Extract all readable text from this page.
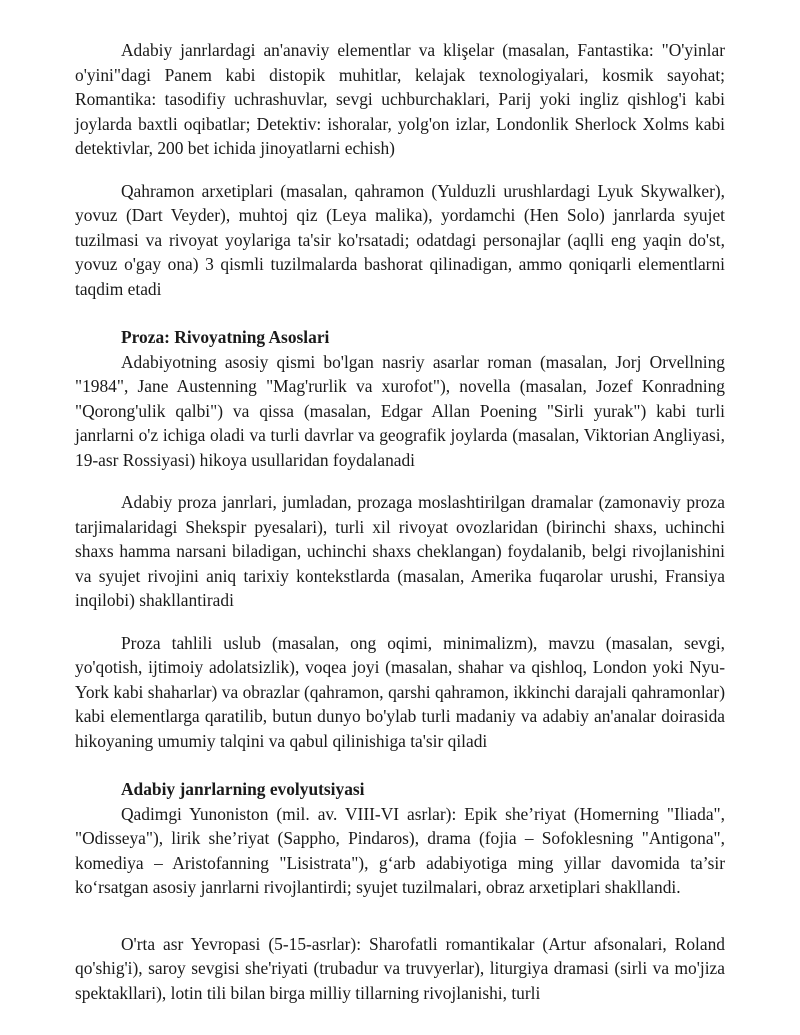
Adabiy janrlardagi an'anaviy elementlar va klişelar (masalan, Fantastika: "O'yinlar o'yini"dagi Panem kabi distopik muhitlar, kelajak texnologiyalari, kosmik sayohat; Romantika: tasodifiy uchrashuvlar, sevgi uchburchaklari, Parij yoki ingliz qishlog'i kabi joylarda baxtli oqibatlar; Detektiv: ishoralar, yolg'on izlar, Londonlik Sherlock Xolms kabi detektivlar, 200 bet ichida jinoyatlarni echish)

Qahramon arxetiplari (masalan, qahramon (Yulduzli urushlardagi Lyuk Skywalker), yovuz (Dart Veyder), muhtoj qiz (Leya malika), yordamchi (Hen Solo) janrlarda syujet tuzilmasi va rivoyat yoylariga ta'sir ko'rsatadi; odatdagi personajlar (aqlli eng yaqin do'st, yovuz o'gay ona) 3 qismli tuzilmalarda bashorat qilinadigan, ammo qoniqarli elementlarni taqdim etadi

Proza: Rivoyatning Asoslari

Adabiyotning asosiy qismi bo'lgan nasriy asarlar roman (masalan, Jorj Orvellning "1984", Jane Austenning "Mag'rurlik va xurofot"), novella (masalan, Jozef Konradning "Qorong'ulik qalbi") va qissa (masalan, Edgar Allan Poening "Sirli yurak") kabi turli janrlarni o'z ichiga oladi va turli davrlar va geografik joylarda (masalan, Viktorian Angliyasi, 19-asr Rossiyasi) hikoya usullaridan foydalanadi

Adabiy proza janrlari, jumladan, prozaga moslashtirilgan dramalar (zamonaviy proza tarjimalaridagi Shekspir pyesalari), turli xil rivoyat ovozlaridan (birinchi shaxs, uchinchi shaxs hamma narsani biladigan, uchinchi shaxs cheklangan) foydalanib, belgi rivojlanishini va syujet rivojini aniq tarixiy kontekstlarda (masalan, Amerika fuqarolar urushi, Fransiya inqilobi) shakllantiradi

Proza tahlili uslub (masalan, ong oqimi, minimalizm), mavzu (masalan, sevgi, yo'qotish, ijtimoiy adolatsizlik), voqea joyi (masalan, shahar va qishloq, London yoki Nyu-York kabi shaharlar) va obrazlar (qahramon, qarshi qahramon, ikkinchi darajali qahramonlar) kabi elementlarga qaratilib, butun dunyo bo'ylab turli madaniy va adabiy an'analar doirasida hikoyaning umumiy talqini va qabul qilinishiga ta'sir qiladi

Adabiy janrlarning evolyutsiyasi

Qadimgi Yunoniston (mil. av. VIII-VI asrlar): Epik she’riyat (Homerning "Iliada", "Odisseya"), lirik she’riyat (Sappho, Pindaros), drama (fojia – Sofoklesning "Antigona", komediya – Aristofanning "Lisistrata"), g‘arb adabiyotiga ming yillar davomida ta’sir ko‘rsatgan asosiy janrlarni rivojlantirdi; syujet tuzilmalari, obraz arxetiplari shakllandi.

O'rta asr Yevropasi (5-15-asrlar): Sharofatli romantikalar (Artur afsonalari, Roland qo'shig'i), saroy sevgisi she'riyati (trubadur va truvyerlar), liturgiya dramasi (sirli va mo'jiza spektakllari), lotin tili bilan birga milliy tillarning rivojlanishi, turli
